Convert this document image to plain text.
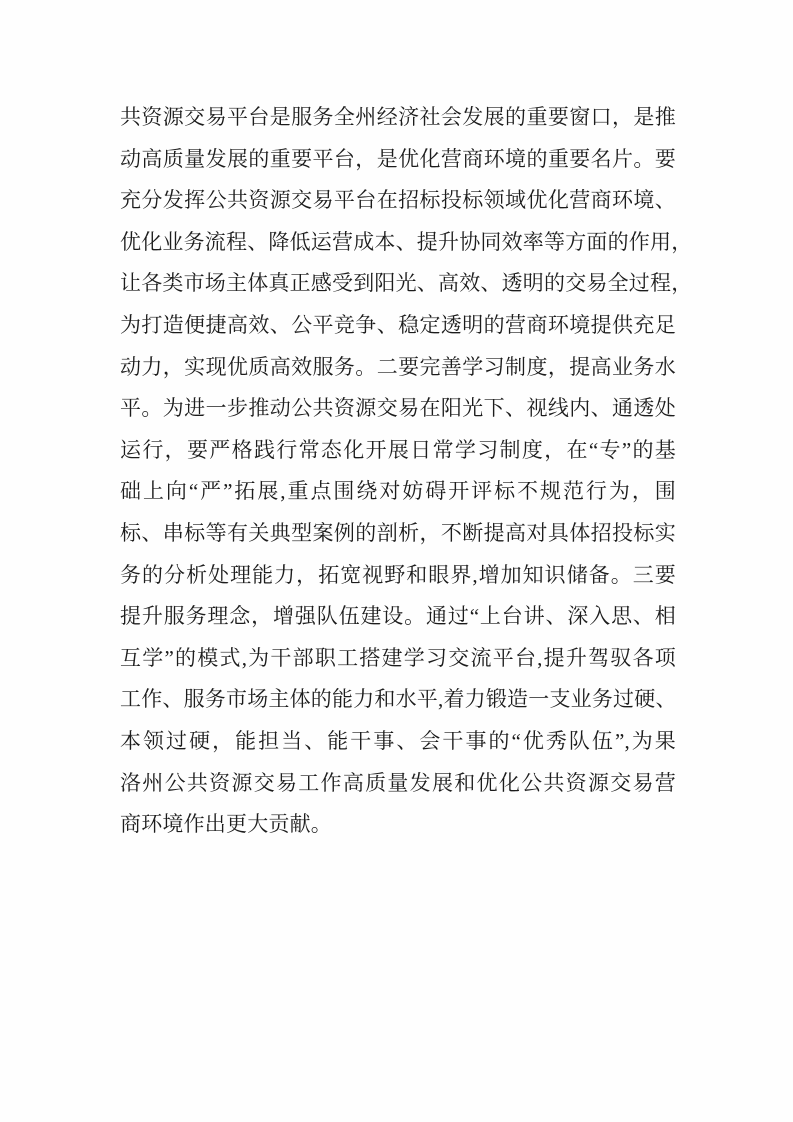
共资源交易平台是服务全州经济社会发展的重要窗口，是推
动高质量发展的重要平台，是优化营商环境的重要名片。要
充分发挥公共资源交易平台在招标投标领域优化营商环境、
优化业务流程、降低运营成本、提升协同效率等方面的作用，
让各类市场主体真正感受到阳光、高效、透明的交易全过程，
为打造便捷高效、公平竞争、稳定透明的营商环境提供充足
动力，实现优质高效服务。二要完善学习制度，提高业务水
平。为进一步推动公共资源交易在阳光下、视线内、通透处
运行，要严格践行常态化开展日常学习制度，在“专”的基
础上向“严”拓展,重点围绕对妨碍开评标不规范行为，围
标、串标等有关典型案例的剖析，不断提高对具体招投标实
务的分析处理能力，拓宽视野和眼界,增加知识储备。三要
提升服务理念，增强队伍建设。通过“上台讲、深入思、相
互学”的模式,为干部职工搭建学习交流平台,提升驾驭各项
工作、服务市场主体的能力和水平,着力锻造一支业务过硬、
本领过硬，能担当、能干事、会干事的“优秀队伍”,为果
洛州公共资源交易工作高质量发展和优化公共资源交易营
商环境作出更大贡献。
